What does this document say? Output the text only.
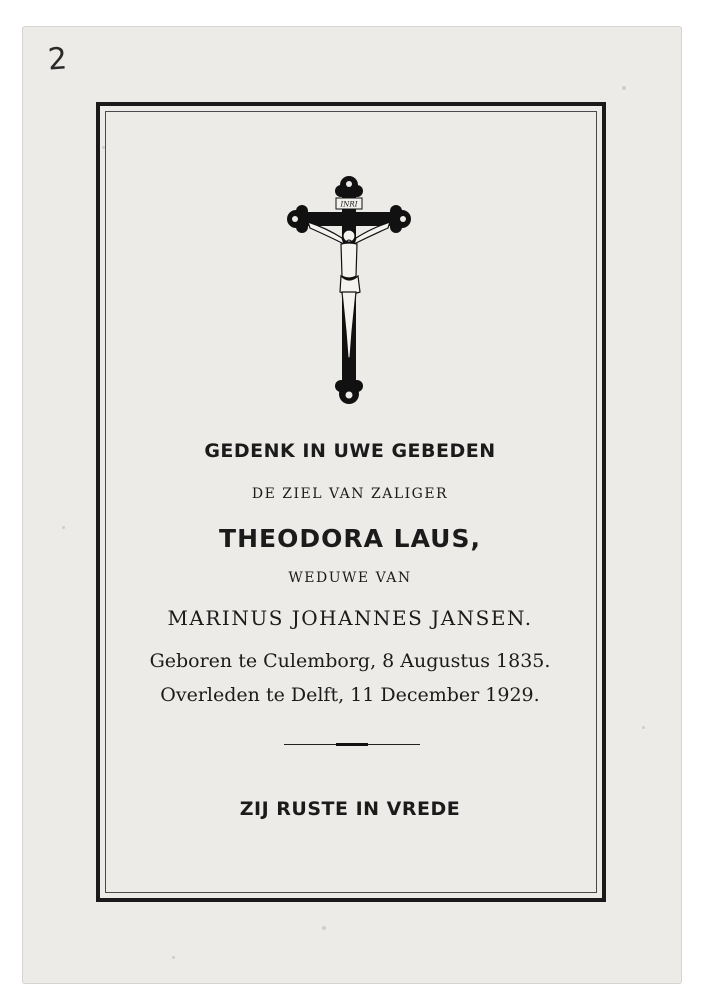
2
INRI
GEDENK IN UWE GEBEDEN
DE ZIEL VAN ZALIGER
THEODORA LAUS,
WEDUWE VAN
MARINUS JOHANNES JANSEN.
Geboren te Culemborg, 8 Augustus 1835.
Overleden te Delft, 11 December 1929.
ZIJ RUSTE IN VREDE
